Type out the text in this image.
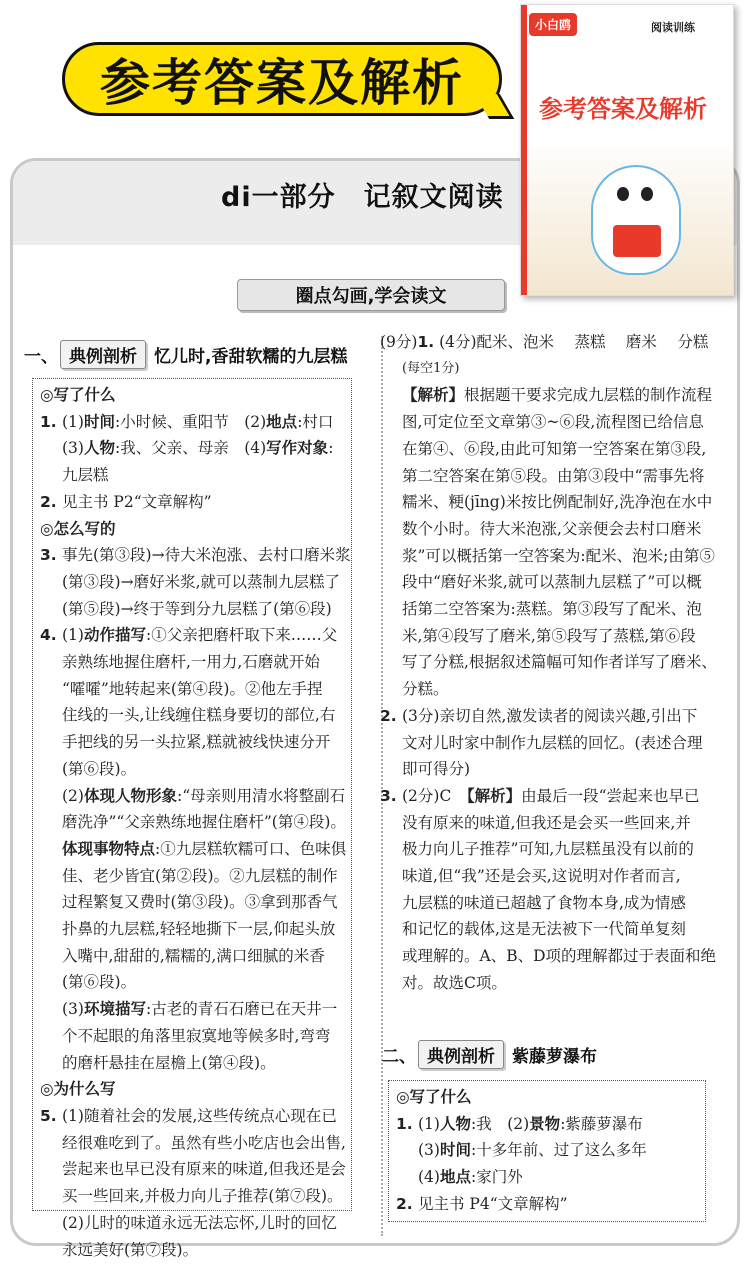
参考答案及解析
di一部分　记叙文阅读
圈点勾画,学会读文
小白鸥	阅读训练
参考答案及解析
一、 典例剖析	忆儿时,香甜软糯的九层糕
◎写了什么
1. (1)时间:小时候、重阳节　(2)地点:村口
(3)人物:我、父亲、母亲　(4)写作对象:
九层糕
2. 见主书 P2“文章解构”
◎怎么写的
3. 事先(第③段)→待大米泡涨、去村口磨米浆
(第③段)→磨好米浆,就可以蒸制九层糕了
(第⑤段)→终于等到分九层糕了(第⑥段)
4. (1)动作描写:①父亲把磨杆取下来……父
亲熟练地握住磨杆,一用力,石磨就开始
“嚯嚯”地转起来(第④段)。②他左手捏
住线的一头,让线缠住糕身要切的部位,右
手把线的另一头拉紧,糕就被线快速分开
(第⑥段)。
(2)体现人物形象:“母亲则用清水将整副石
磨洗净”“父亲熟练地握住磨杆”(第④段)。
体现事物特点:①九层糕软糯可口、色味俱
佳、老少皆宜(第②段)。②九层糕的制作
过程繁复又费时(第③段)。③拿到那香气
扑鼻的九层糕,轻轻地撕下一层,仰起头放
入嘴中,甜甜的,糯糯的,满口细腻的米香
(第⑥段)。
(3)环境描写:古老的青石石磨已在天井一
个不起眼的角落里寂寞地等候多时,弯弯
的磨杆悬挂在屋檐上(第④段)。
◎为什么写
5. (1)随着社会的发展,这些传统点心现在已
经很难吃到了。虽然有些小吃店也会出售,
尝起来也早已没有原来的味道,但我还是会
买一些回来,并极力向儿子推荐(第⑦段)。
(2)儿时的味道永远无法忘怀,儿时的回忆
永远美好(第⑦段)。
(9分)1. (4分)配米、泡米　 蒸糕　 磨米　 分糕
(每空1分)
【解析】根据题干要求完成九层糕的制作流程
图,可定位至文章第③~⑥段,流程图已给信息
在第④、⑥段,由此可知第一空答案在第③段,
第二空答案在第⑤段。由第③段中“需事先将
糯米、粳(jīng)米按比例配制好,洗净泡在水中
数个小时。待大米泡涨,父亲便会去村口磨米
浆”可以概括第一空答案为:配米、泡米;由第⑤
段中“磨好米浆,就可以蒸制九层糕了”可以概
括第二空答案为:蒸糕。第③段写了配米、泡
米,第④段写了磨米,第⑤段写了蒸糕,第⑥段
写了分糕,根据叙述篇幅可知作者详写了磨米、
分糕。
2. (3分)亲切自然,激发读者的阅读兴趣,引出下
文对儿时家中制作九层糕的回忆。(表述合理
即可得分)
3. (2分)C　【解析】由最后一段“尝起来也早已
没有原来的味道,但我还是会买一些回来,并
极力向儿子推荐”可知,九层糕虽没有以前的
味道,但“我”还是会买,这说明对作者而言,
九层糕的味道已超越了食物本身,成为情感
和记忆的载体,这是无法被下一代简单复刻
或理解的。A、B、D项的理解都过于表面和绝
对。故选C项。
二、 典例剖析	紫藤萝瀑布
◎写了什么
1. (1)人物:我　(2)景物:紫藤萝瀑布
(3)时间:十多年前、过了这么多年
(4)地点:家门外
2. 见主书 P4“文章解构”
